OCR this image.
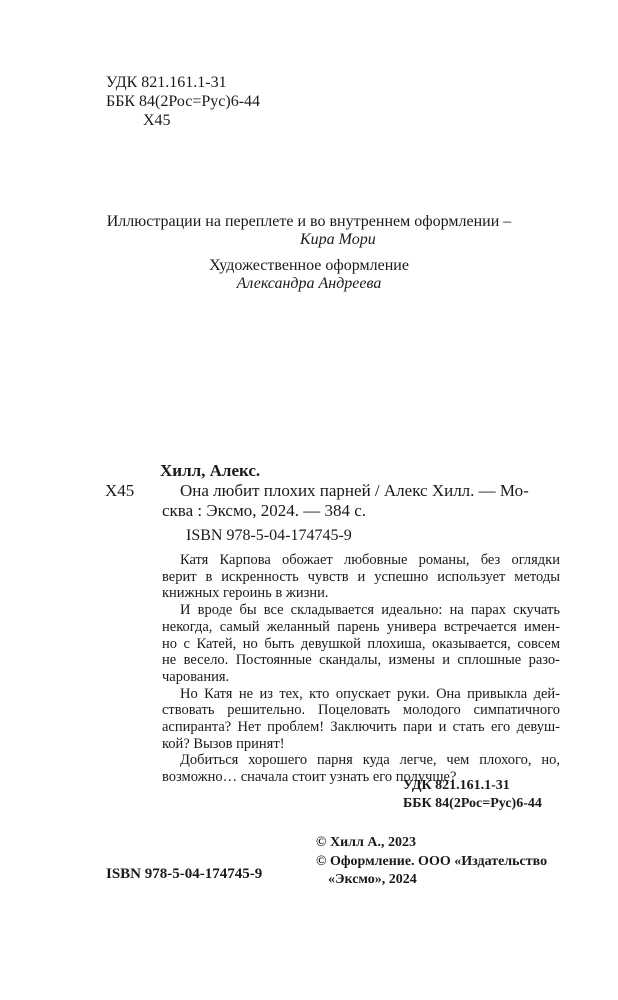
УДК 821.161.1-31
ББК 84(2Рос=Рус)6-44
Х45
Иллюстрации на переплете и во внутреннем оформлении –
Кира Мори
Художественное оформление
Александра Андреева
Хилл, Алекс.
Х45	Она любит плохих парней / Алекс Хилл. — Мо-
сква : Эксмо, 2024. — 384 с.
ISBN 978-5-04-174745-9
Катя Карпова обожает любовные романы, без оглядки
верит в искренность чувств и успешно использует методы
книжных героинь в жизни.
И вроде бы все складывается идеально: на парах скучать
некогда, самый желанный парень универа встречается имен-
но с Катей, но быть девушкой плохиша, оказывается, совсем
не весело. Постоянные скандалы, измены и сплошные разо-
чарования.
Но Катя не из тех, кто опускает руки. Она привыкла дей-
ствовать решительно. Поцеловать молодого симпатичного
аспиранта? Нет проблем! Заключить пари и стать его девуш-
кой? Вызов принят!
Добиться хорошего парня куда легче, чем плохого, но,
возможно… сначала стоит узнать его получше?
УДК 821.161.1-31
ББК 84(2Рос=Рус)6-44
© Хилл А., 2023
© Оформление. ООО «Издательство
«Эксмо», 2024
ISBN 978-5-04-174745-9
